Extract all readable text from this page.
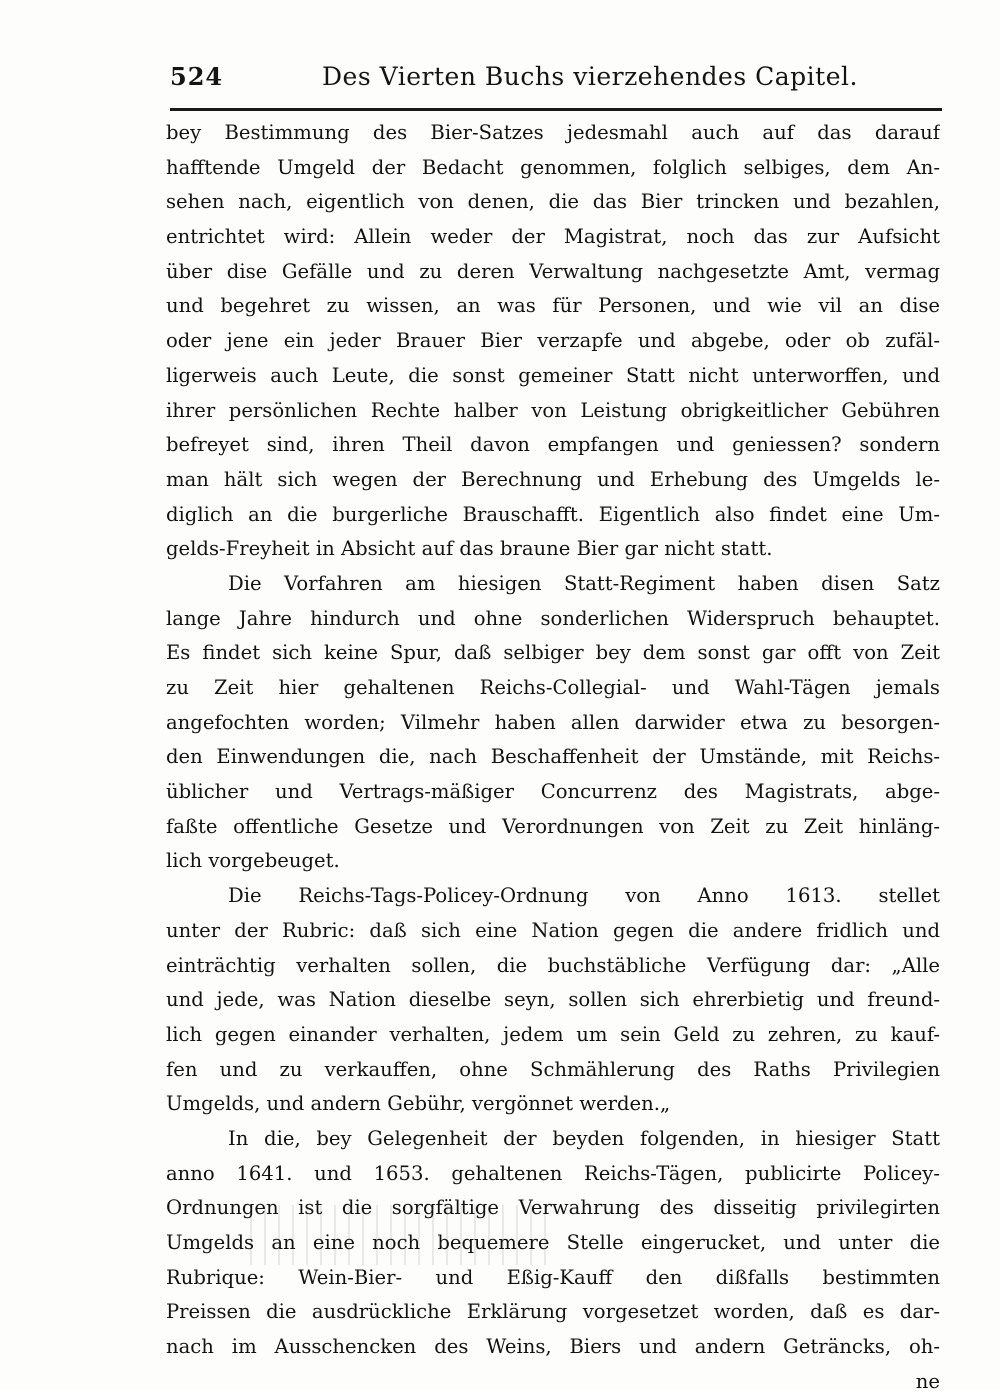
524	Des Vierten Buchs vierzehendes Capitel.
bey Bestimmung des Bier-Satzes jedesmahl auch auf das darauf
hafftende Umgeld der Bedacht genommen, folglich selbiges, dem An-
sehen nach, eigentlich von denen, die das Bier trincken und bezahlen,
entrichtet wird: Allein weder der Magistrat, noch das zur Aufsicht
über dise Gefälle und zu deren Verwaltung nachgesetzte Amt, vermag
und begehret zu wissen, an was für Personen, und wie vil an dise
oder jene ein jeder Brauer Bier verzapfe und abgebe, oder ob zufäl-
ligerweis auch Leute, die sonst gemeiner Statt nicht unterworffen, und
ihrer persönlichen Rechte halber von Leistung obrigkeitlicher Gebühren
befreyet sind, ihren Theil davon empfangen und geniessen? sondern
man hält sich wegen der Berechnung und Erhebung des Umgelds le-
diglich an die burgerliche Brauschafft. Eigentlich also findet eine Um-
gelds-Freyheit in Absicht auf das braune Bier gar nicht statt.
Die Vorfahren am hiesigen Statt-Regiment haben disen Satz
lange Jahre hindurch und ohne sonderlichen Widerspruch behauptet.
Es findet sich keine Spur, daß selbiger bey dem sonst gar offt von Zeit
zu Zeit hier gehaltenen Reichs-Collegial- und Wahl-Tägen jemals
angefochten worden; Vilmehr haben allen darwider etwa zu besorgen-
den Einwendungen die, nach Beschaffenheit der Umstände, mit Reichs-
üblicher und Vertrags-mäßiger Concurrenz des Magistrats, abge-
faßte offentliche Gesetze und Verordnungen von Zeit zu Zeit hinläng-
lich vorgebeuget.
Die Reichs-Tags-Policey-Ordnung von Anno 1613. stellet
unter der Rubric: daß sich eine Nation gegen die andere fridlich und
einträchtig verhalten sollen, die buchstäbliche Verfügung dar: „Alle
und jede, was Nation dieselbe seyn, sollen sich ehrerbietig und freund-
lich gegen einander verhalten, jedem um sein Geld zu zehren, zu kauf-
fen und zu verkauffen, ohne Schmählerung des Raths Privilegien
Umgelds, und andern Gebühr, vergönnet werden.„
In die, bey Gelegenheit der beyden folgenden, in hiesiger Statt
anno 1641. und 1653. gehaltenen Reichs-Tägen, publicirte Policey-
Ordnungen ist die sorgfältige Verwahrung des disseitig privilegirten
Umgelds an eine noch bequemere Stelle eingerucket, und unter die
Rubrique: Wein-Bier- und Eßig-Kauff den dißfalls bestimmten
Preissen die ausdrückliche Erklärung vorgesetzet worden, daß es dar-
nach im Ausschencken des Weins, Biers und andern Geträncks, oh-
ne
